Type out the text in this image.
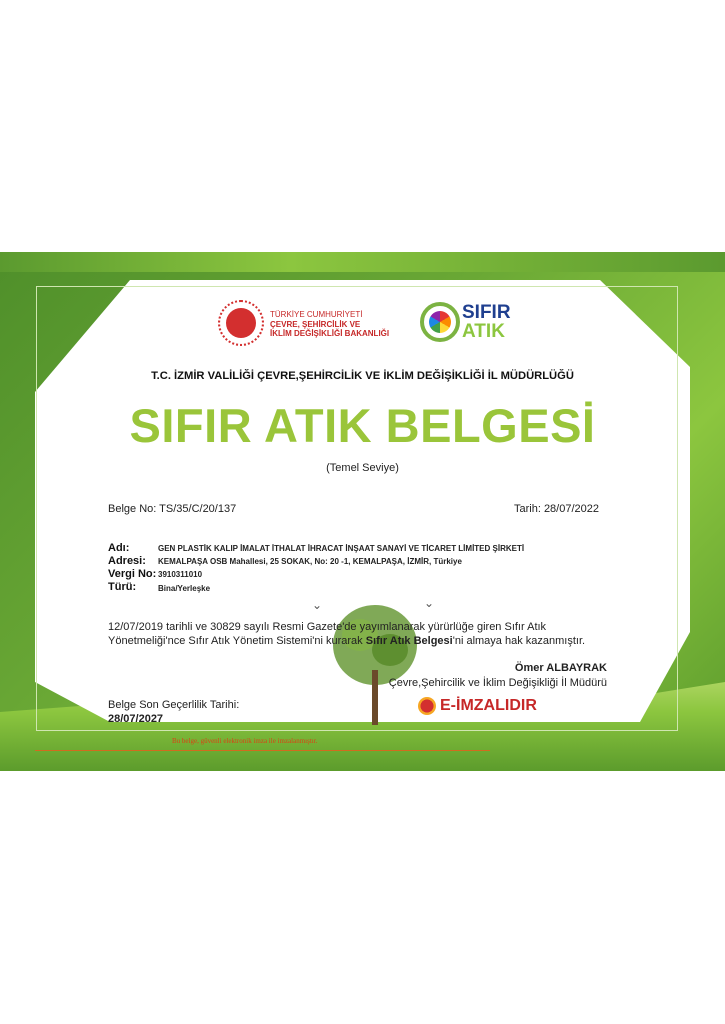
TÜRKİYE CUMHURİYETİ
ÇEVRE, ŞEHİRCİLİK VE
İKLİM DEĞİŞİKLİĞİ BAKANLIĞI
SIFIR
ATIK
T.C. İZMİR VALİLİĞİ ÇEVRE,ŞEHİRCİLİK VE İKLİM DEĞİŞİKLİĞİ İL MÜDÜRLÜĞÜ
SIFIR ATIK BELGESİ
(Temel Seviye)
Belge No: TS/35/C/20/137	Tarih: 28/07/2022
Adı:	GEN PLASTİK KALIP İMALAT İTHALAT İHRACAT İNŞAAT SANAYİ VE TİCARET LİMİTED ŞİRKETİ
Adresi: KEMALPAŞA OSB Mahallesi, 25 SOKAK, No: 20 -1, KEMALPAŞA, İZMİR, Türkiye
Vergi No: 3910311010
Türü:	Bina/Yerleşke
⌄	⌄
12/07/2019 tarihli ve 30829 sayılı Resmi Gazete'de yayımlanarak yürürlüğe giren Sıfır Atık Yönetmeliği'nce Sıfır Atık Yönetim Sistemi'ni kurarak Sıfır Atık Belgesi'ni almaya hak kazanmıştır.
Ömer ALBAYRAK
Çevre,Şehircilik ve İklim Değişikliği İl Müdürü
E-İMZALIDIR
Belge Son Geçerlilik Tarihi:
28/07/2027
Bu belge, güvenli elektronik imza ile imzalanmıştır.
